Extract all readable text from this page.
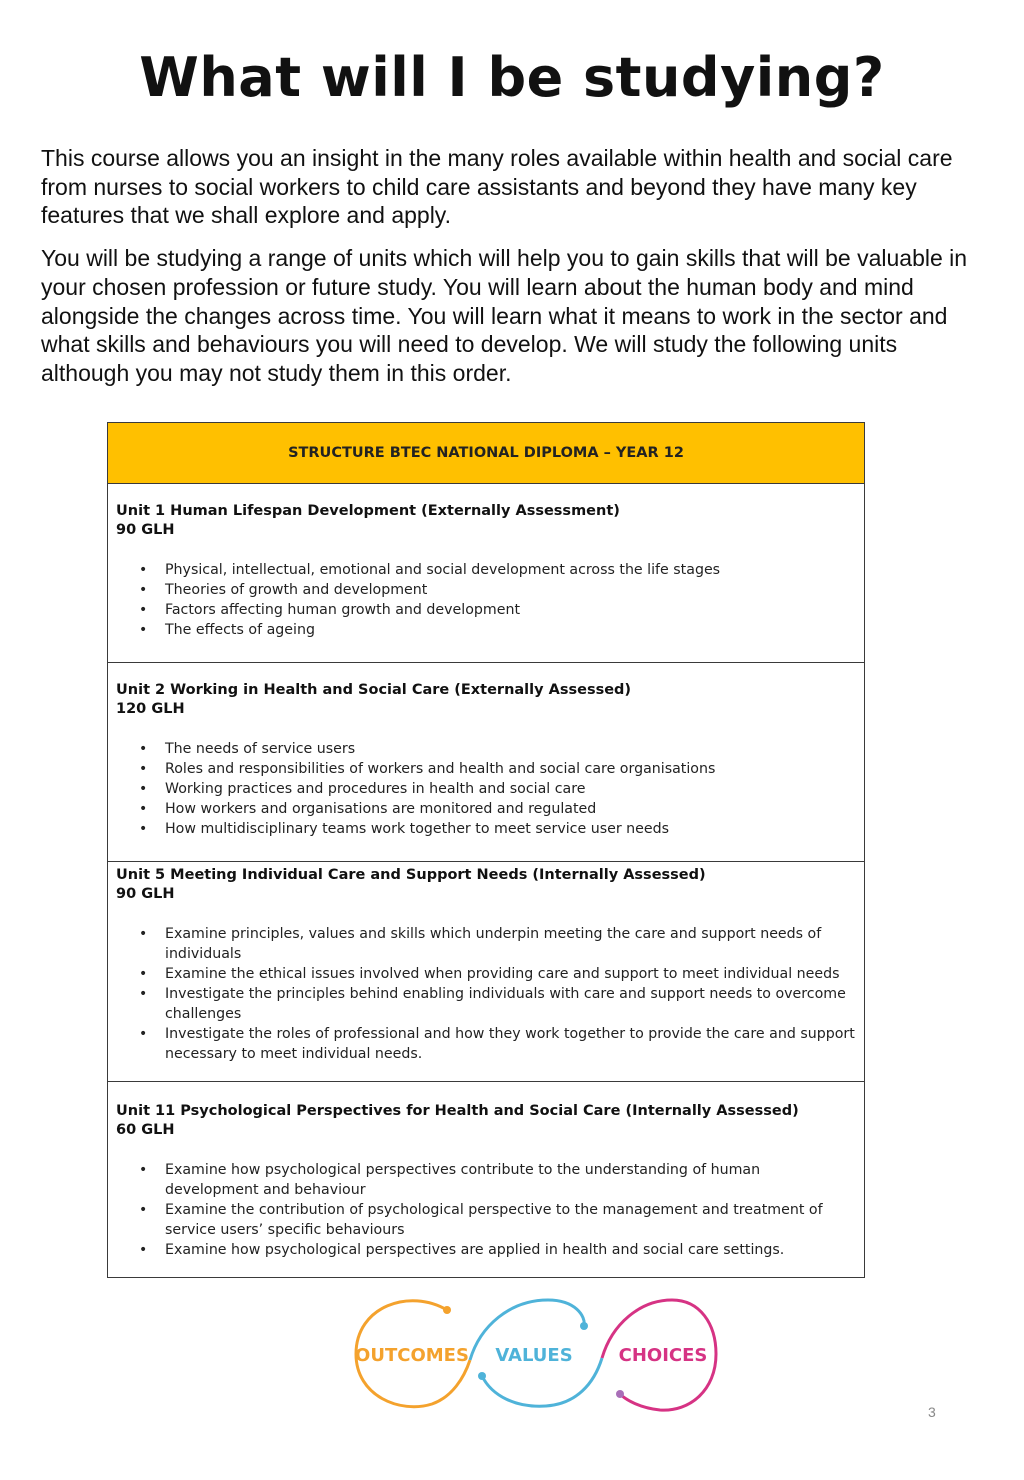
What will I be studying?

This course allows you an insight in the many roles available within health and social care from nurses to social workers to child care assistants and beyond they have many key features that we shall explore and apply.

You will be studying a range of units which will help you to gain skills that will be valuable in your chosen profession or future study. You will learn about the human body and mind alongside the changes across time. You will learn what it means to work in the sector and what skills and behaviours you will need to develop. We will study the following units although you may not study them in this order.

STRUCTURE BTEC NATIONAL DIPLOMA – YEAR 12
Unit 1 Human Lifespan Development (Externally Assessment)
90 GLH
• Physical, intellectual, emotional and social development across the life stages
• Theories of growth and development
• Factors affecting human growth and development
• The effects of ageing
Unit 2 Working in Health and Social Care (Externally Assessed)
120 GLH
• The needs of service users
• Roles and responsibilities of workers and health and social care organisations
• Working practices and procedures in health and social care
• How workers and organisations are monitored and regulated
• How multidisciplinary teams work together to meet service user needs
Unit 5 Meeting Individual Care and Support Needs (Internally Assessed)
90 GLH
• Examine principles, values and skills which underpin meeting the care and support needs of individuals
• Examine the ethical issues involved when providing care and support to meet individual needs
• Investigate the principles behind enabling individuals with care and support needs to overcome challenges
• Investigate the roles of professional and how they work together to provide the care and support necessary to meet individual needs.
Unit 11 Psychological Perspectives for Health and Social Care (Internally Assessed)
60 GLH
• Examine how psychological perspectives contribute to the understanding of human development and behaviour
• Examine the contribution of psychological perspective to the management and treatment of service users’ specific behaviours
• Examine how psychological perspectives are applied in health and social care settings.
OUTCOMES VALUES	CHOICES
3
